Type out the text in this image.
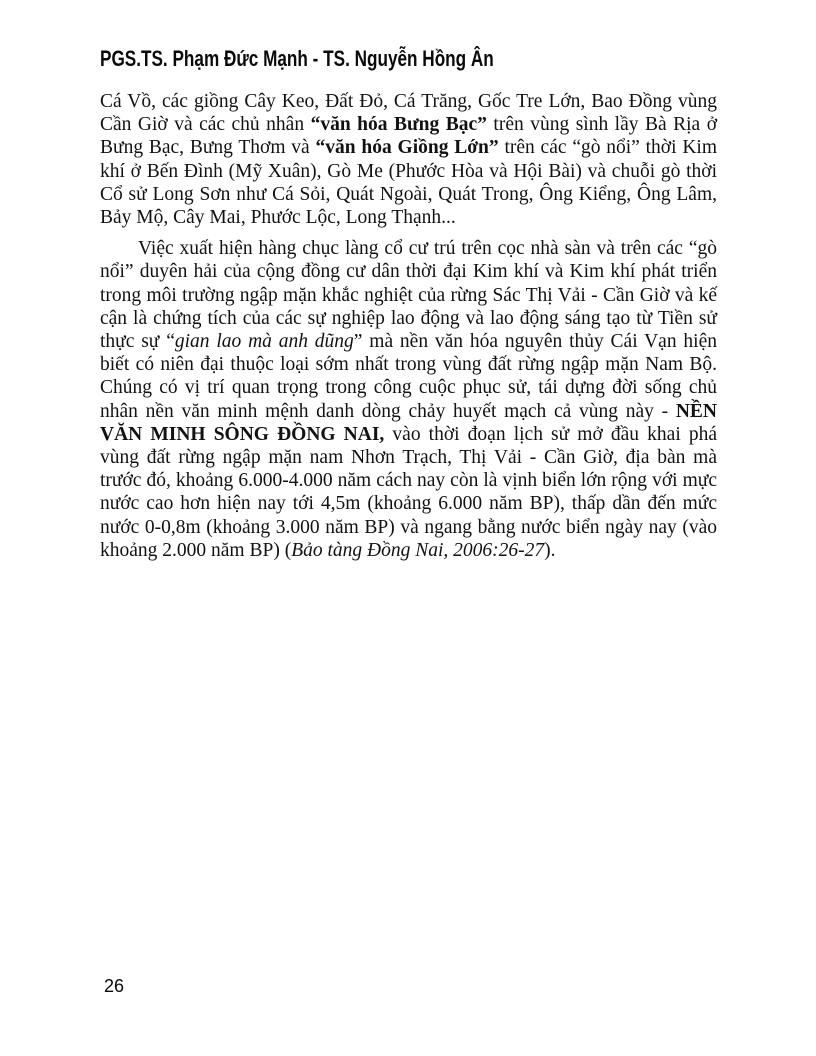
PGS.TS. Phạm Đức Mạnh - TS. Nguyễn Hồng Ân

Cá Vồ, các giồng Cây Keo, Đất Đỏ, Cá Trăng, Gốc Tre Lớn, Bao Đồng vùng Cần Giờ và các chủ nhân “văn hóa Bưng Bạc” trên vùng sình lầy Bà Rịa ở Bưng Bạc, Bưng Thơm và “văn hóa Giồng Lớn” trên các “gò nổi” thời Kim khí ở Bến Đình (Mỹ Xuân), Gò Me (Phước Hòa và Hội Bài) và chuỗi gò thời Cổ sử Long Sơn như Cá Sỏi, Quát Ngoài, Quát Trong, Ông Kiểng, Ông Lâm, Bảy Mộ, Cây Mai, Phước Lộc, Long Thạnh...

Việc xuất hiện hàng chục làng cổ cư trú trên cọc nhà sàn và trên các “gò nổi” duyên hải của cộng đồng cư dân thời đại Kim khí và Kim khí phát triển trong môi trường ngập mặn khắc nghiệt của rừng Sác Thị Vải - Cần Giờ và kế cận là chứng tích của các sự nghiệp lao động và lao động sáng tạo từ Tiền sử thực sự “gian lao mà anh dũng” mà nền văn hóa nguyên thủy Cái Vạn hiện biết có niên đại thuộc loại sớm nhất trong vùng đất rừng ngập mặn Nam Bộ. Chúng có vị trí quan trọng trong công cuộc phục sử, tái dựng đời sống chủ nhân nền văn minh mệnh danh dòng chảy huyết mạch cả vùng này - NỀN VĂN MINH SÔNG ĐỒNG NAI, vào thời đoạn lịch sử mở đầu khai phá vùng đất rừng ngập mặn nam Nhơn Trạch, Thị Vải - Cần Giờ, địa bàn mà trước đó, khoảng 6.000-4.000 năm cách nay còn là vịnh biển lớn rộng với mực nước cao hơn hiện nay tới 4,5m (khoảng 6.000 năm BP), thấp dần đến mức nước 0-0,8m (khoảng 3.000 năm BP) và ngang bằng nước biển ngày nay (vào khoảng 2.000 năm BP) (Bảo tàng Đồng Nai, 2006:26-27).

26
